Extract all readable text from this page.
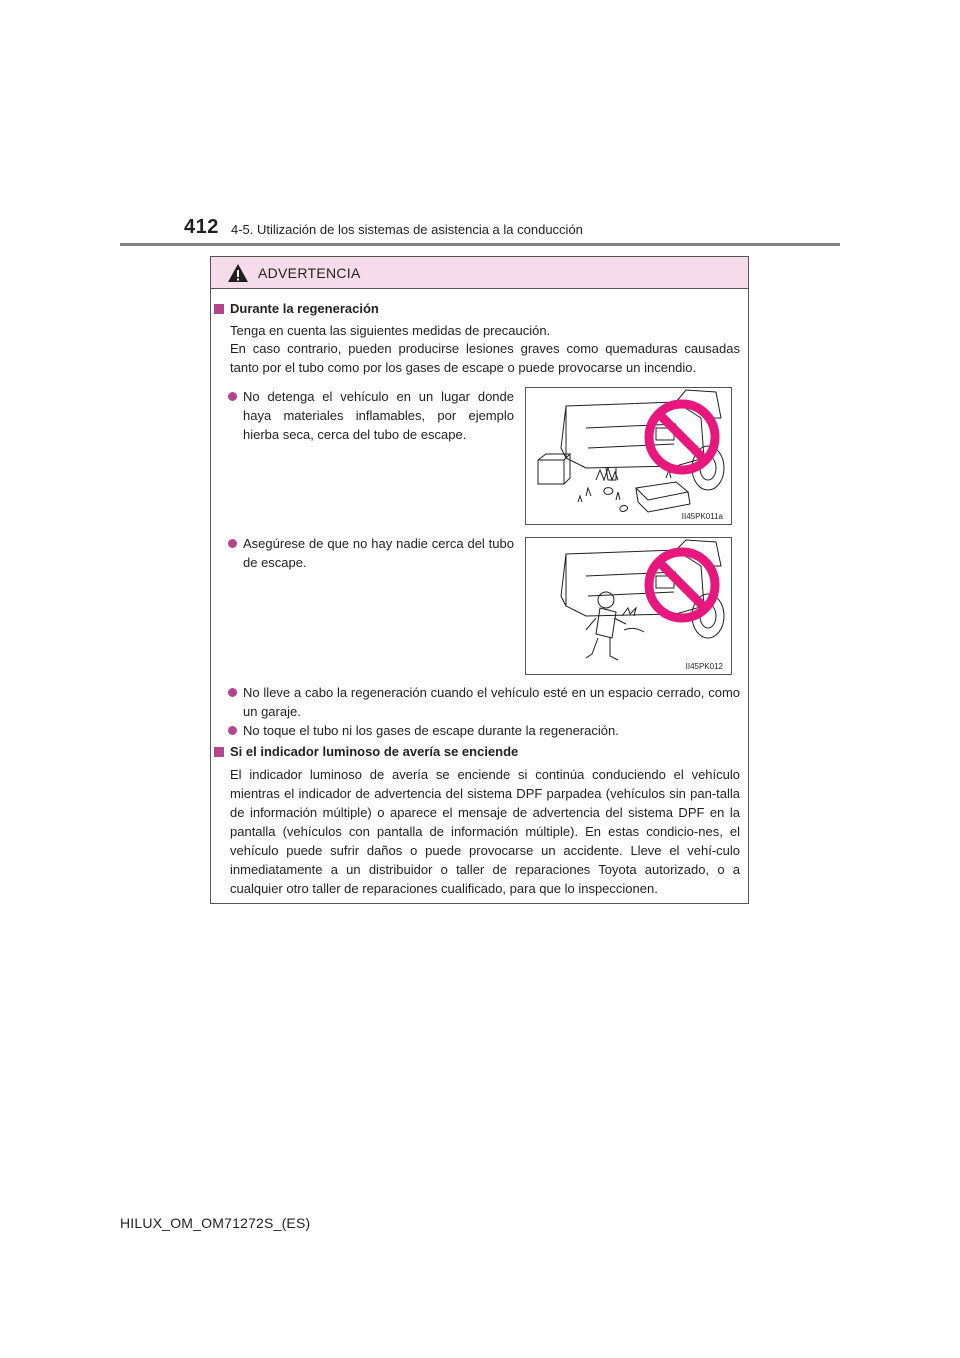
412 4-5. Utilización de los sistemas de asistencia a la conducción
ADVERTENCIA
Durante la regeneración
Tenga en cuenta las siguientes medidas de precaución.
En caso contrario, pueden producirse lesiones graves como quemaduras causadas tanto por el tubo como por los gases de escape o puede provocarse un incendio.
No detenga el vehículo en un lugar donde haya materiales inflamables, por ejemplo hierba seca, cerca del tubo de escape.
Asegúrese de que no hay nadie cerca del tubo de escape.
No lleve a cabo la regeneración cuando el vehículo esté en un espacio cerrado, como un garaje.
No toque el tubo ni los gases de escape durante la regeneración.
II45PK011a
II45PK012
Si el indicador luminoso de avería se enciende
El indicador luminoso de avería se enciende si continúa conduciendo el vehículo mientras el indicador de advertencia del sistema DPF parpadea (vehículos sin pan-talla de información múltiple) o aparece el mensaje de advertencia del sistema DPF en la pantalla (vehículos con pantalla de información múltiple). En estas condicio-nes, el vehículo puede sufrir daños o puede provocarse un accidente. Lleve el vehí-culo inmediatamente a un distribuidor o taller de reparaciones Toyota autorizado, o a cualquier otro taller de reparaciones cualificado, para que lo inspeccionen.
HILUX_OM_OM71272S_(ES)
